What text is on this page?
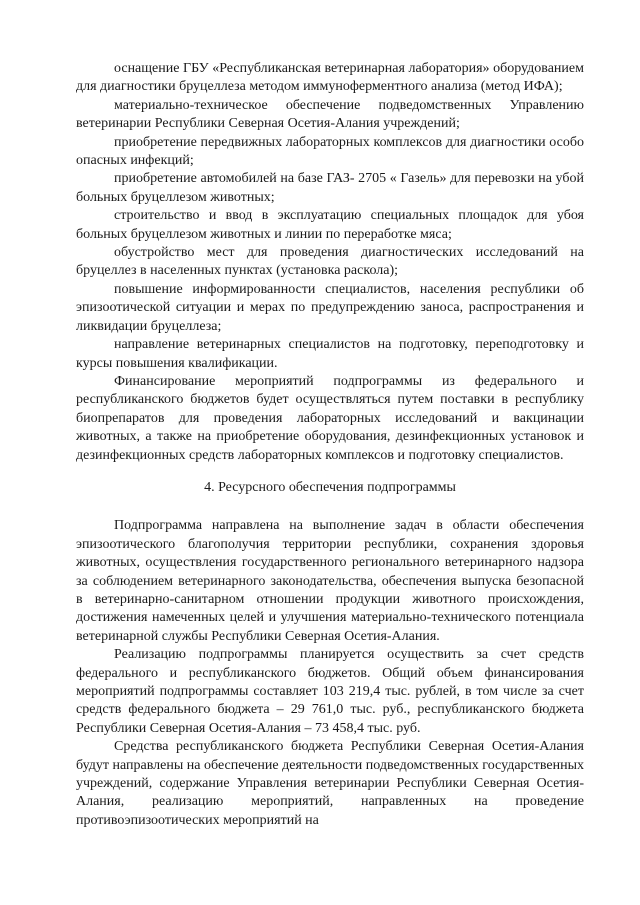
оснащение ГБУ «Республиканская ветеринарная лаборатория» оборудованием для диагностики бруцеллеза методом иммуноферментного анализа (метод ИФА);

материально-техническое обеспечение подведомственных Управлению ветеринарии Республики Северная Осетия-Алания учреждений;

приобретение передвижных лабораторных комплексов для диагностики особо опасных инфекций;

приобретение автомобилей на базе ГАЗ- 2705 « Газель» для перевозки на убой больных бруцеллезом животных;

строительство и ввод в эксплуатацию специальных площадок для убоя больных бруцеллезом животных и линии по переработке мяса;

обустройство мест для проведения диагностических исследований на бруцеллез в населенных пунктах (установка раскола);

повышение информированности специалистов, населения республики об эпизоотической ситуации и мерах по предупреждению заноса, распространения и ликвидации бруцеллеза;

направление ветеринарных специалистов на подготовку, переподготовку и курсы повышения квалификации.

Финансирование мероприятий подпрограммы из федерального и республиканского бюджетов будет осуществляться путем поставки в республику биопрепаратов для проведения лабораторных исследований и вакцинации животных, а также на приобретение оборудования, дезинфекционных установок и дезинфекционных средств лабораторных комплексов и подготовку специалистов.

4. Ресурсного обеспечения подпрограммы

Подпрограмма направлена на выполнение задач в области обеспечения эпизоотического благополучия территории республики, сохранения здоровья животных, осуществления государственного регионального ветеринарного надзора за соблюдением ветеринарного законодательства, обеспечения выпуска безопасной в ветеринарно-санитарном отношении продукции животного происхождения, достижения намеченных целей и улучшения материально-технического потенциала ветеринарной службы Республики Северная Осетия-Алания.

Реализацию подпрограммы планируется осуществить за счет средств федерального и республиканского бюджетов. Общий объем финансирования мероприятий подпрограммы составляет 103 219,4 тыс. рублей, в том числе за счет средств федерального бюджета – 29 761,0 тыс. руб., республиканского бюджета Республики Северная Осетия-Алания – 73 458,4 тыс. руб.

Средства республиканского бюджета Республики Северная Осетия-Алания будут направлены на обеспечение деятельности подведомственных государственных учреждений, содержание Управления ветеринарии Республики Северная Осетия-Алания, реализацию мероприятий, направленных на проведение противоэпизоотических мероприятий на
